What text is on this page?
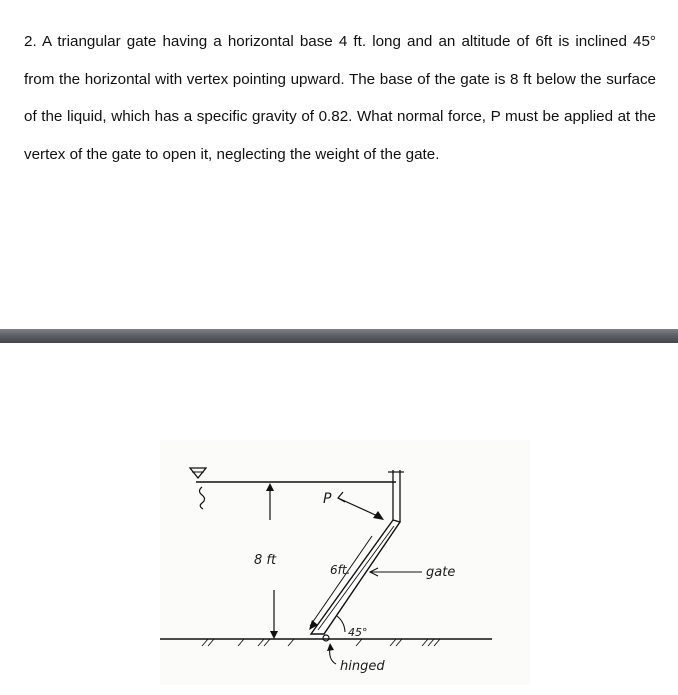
2. A triangular gate having a horizontal base 4 ft. long and an altitude of 6ft is inclined 45° from the horizontal with vertex pointing upward. The base of the gate is 8 ft below the surface of the liquid, which has a specific gravity of 0.82. What normal force, P must be applied at the vertex of the gate to open it, neglecting the weight of the gate.

8 ft
P
6ft.	gate
45°
hinged
